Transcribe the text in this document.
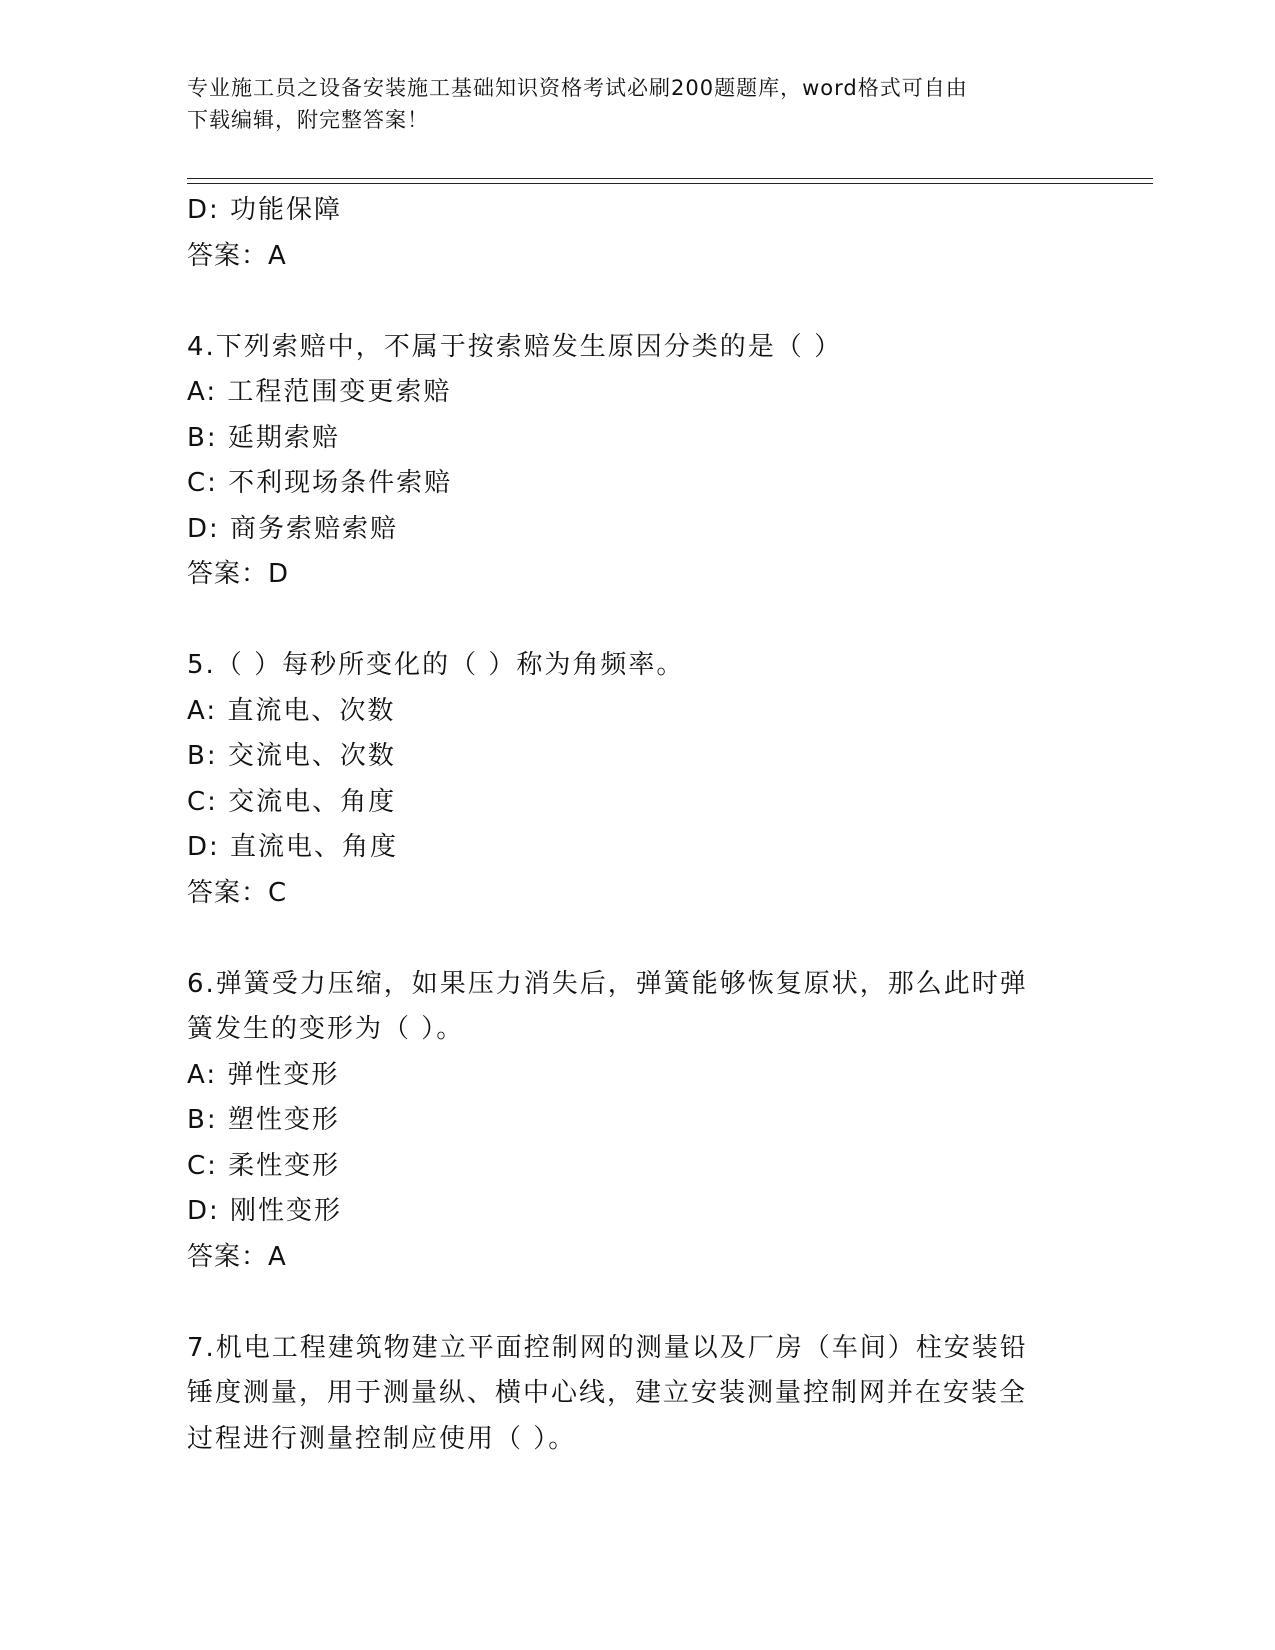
专业施工员之设备安装施工基础知识资格考试必刷200题题库，word格式可自由
下载编辑，附完整答案！
D: 功能保障
答案：A
4.下列索赔中，不属于按索赔发生原因分类的是（ ）
A: 工程范围变更索赔
B: 延期索赔
C: 不利现场条件索赔
D: 商务索赔索赔
答案：D
5.（ ）每秒所变化的（ ）称为角频率。
A: 直流电、次数
B: 交流电、次数
C: 交流电、角度
D: 直流电、角度
答案：C
6.弹簧受力压缩，如果压力消失后，弹簧能够恢复原状，那么此时弹
簧发生的变形为（ ）。
A: 弹性变形
B: 塑性变形
C: 柔性变形
D: 刚性变形
答案：A
7.机电工程建筑物建立平面控制网的测量以及厂房（车间）柱安装铅
锤度测量，用于测量纵、横中心线，建立安装测量控制网并在安装全
过程进行测量控制应使用（ ）。
